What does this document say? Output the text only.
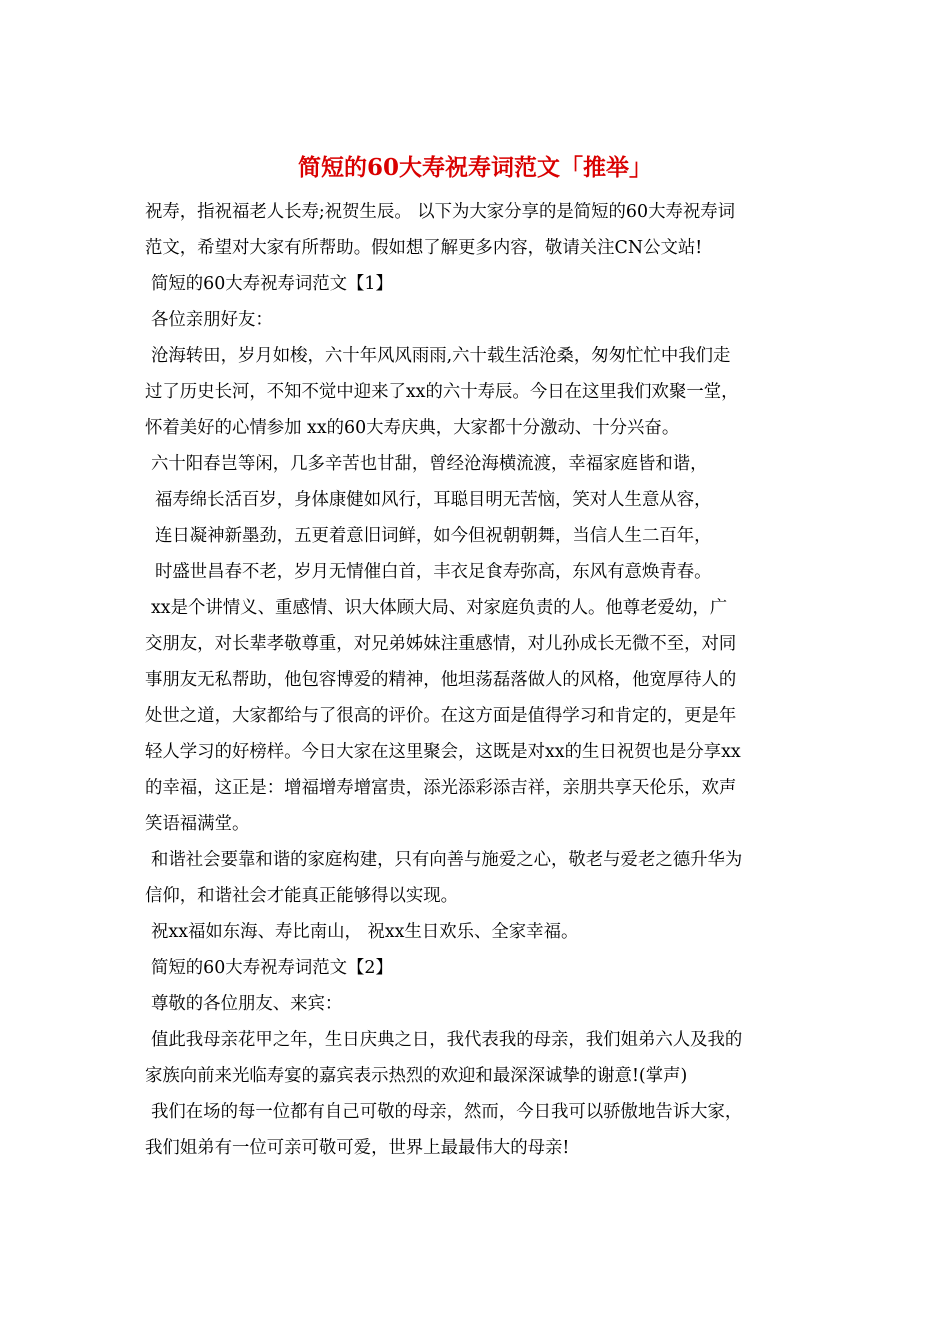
简短的60大寿祝寿词范文「推举」
祝寿，指祝福老人长寿;祝贺生辰。 以下为大家分享的是简短的60大寿祝寿词
范文，希望对大家有所帮助。假如想了解更多内容，敬请关注CN公文站!
简短的60大寿祝寿词范文【1】
各位亲朋好友：
沧海转田，岁月如梭，六十年风风雨雨,六十载生活沧桑，匆匆忙忙中我们走
过了历史长河，不知不觉中迎来了xx的六十寿辰。今日在这里我们欢聚一堂，
怀着美好的心情参加 xx的60大寿庆典，大家都十分激动、十分兴奋。
六十阳春岂等闲，几多辛苦也甘甜，曾经沧海横流渡，幸福家庭皆和谐，
福寿绵长活百岁，身体康健如风行，耳聪目明无苦恼，笑对人生意从容，
连日凝神新墨劲，五更着意旧词鲜，如今但祝朝朝舞，当信人生二百年，
时盛世昌春不老，岁月无情催白首，丰衣足食寿弥高，东风有意焕青春。
xx是个讲情义、重感情、识大体顾大局、对家庭负责的人。他尊老爱幼，广
交朋友，对长辈孝敬尊重，对兄弟姊妹注重感情，对儿孙成长无微不至，对同
事朋友无私帮助，他包容博爱的精神，他坦荡磊落做人的风格，他宽厚待人的
处世之道，大家都给与了很高的评价。在这方面是值得学习和肯定的，更是年
轻人学习的好榜样。今日大家在这里聚会，这既是对xx的生日祝贺也是分享xx
的幸福，这正是：增福增寿增富贵，添光添彩添吉祥，亲朋共享天伦乐，欢声
笑语福满堂。
和谐社会要靠和谐的家庭构建，只有向善与施爱之心，敬老与爱老之德升华为
信仰，和谐社会才能真正能够得以实现。
祝xx福如东海、寿比南山， 祝xx生日欢乐、全家幸福。
简短的60大寿祝寿词范文【2】
尊敬的各位朋友、来宾：
值此我母亲花甲之年，生日庆典之日，我代表我的母亲，我们姐弟六人及我的
家族向前来光临寿宴的嘉宾表示热烈的欢迎和最深深诚挚的谢意!(掌声)
我们在场的每一位都有自己可敬的母亲，然而，今日我可以骄傲地告诉大家，
我们姐弟有一位可亲可敬可爱，世界上最最伟大的母亲!
